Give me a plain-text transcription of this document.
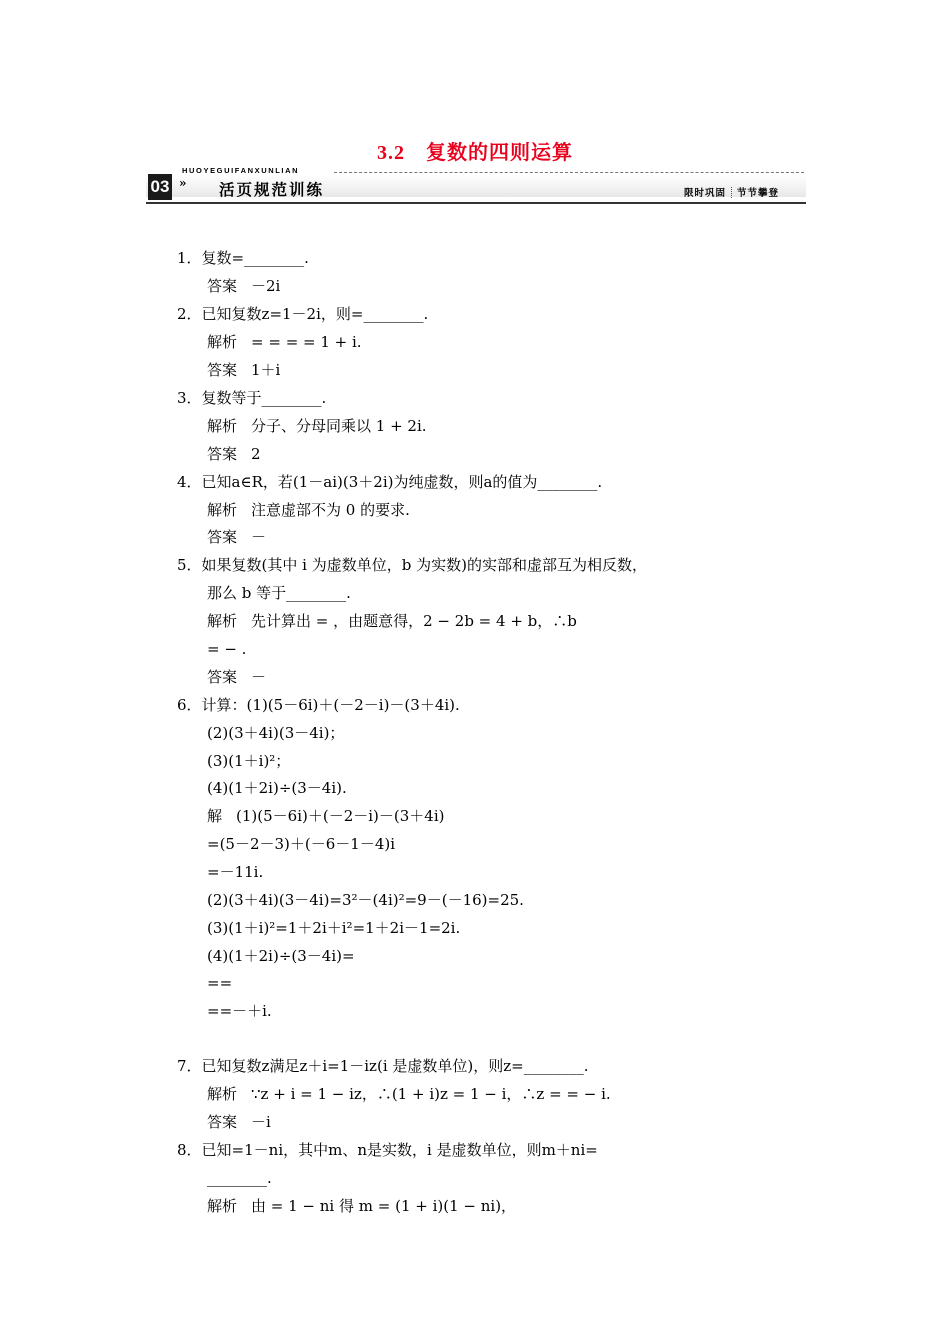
3.2　复数的四则运算
HUOYEGUIFANXUNLIAN
03 » 活页规范训练	限时巩固 节节攀登
1．复数=________.
答案 －2i
2．已知复数z=1－2i，则=________.
解析 = = = = 1 + i.
答案 1＋i
3．复数等于________.
解析 分子、分母同乘以 1 + 2i.
答案 2
4．已知a∈R，若(1－ai)(3＋2i)为纯虚数，则a的值为________.
解析 注意虚部不为 0 的要求.
答案 －
5．如果复数(其中 i 为虚数单位，b 为实数)的实部和虚部互为相反数，
那么 b 等于________.
解析 先计算出 = ，由题意得，2 − 2b = 4 + b，∴b
= − .
答案 －
6．计算：(1)(5－6i)＋(－2－i)－(3＋4i).
(2)(3＋4i)(3－4i)；
(3)(1＋i)²；
(4)(1＋2i)÷(3－4i).
解 (1)(5－6i)＋(－2－i)－(3＋4i)
=(5－2－3)＋(－6－1－4)i
=－11i.
(2)(3＋4i)(3－4i)=3²－(4i)²=9－(－16)=25.
(3)(1＋i)²=1＋2i＋i²=1＋2i－1=2i.
(4)(1＋2i)÷(3－4i)=
==
==－＋i.
7．已知复数z满足z＋i=1－iz(i 是虚数单位)，则z=________.
解析 ∵z + i = 1 − iz，∴(1 + i)z = 1 − i，∴z = = − i.
答案 －i
8．已知=1－ni，其中m、n是实数，i 是虚数单位，则m＋ni=
________.
解析 由 = 1 − ni 得 m = (1 + i)(1 − ni)，
